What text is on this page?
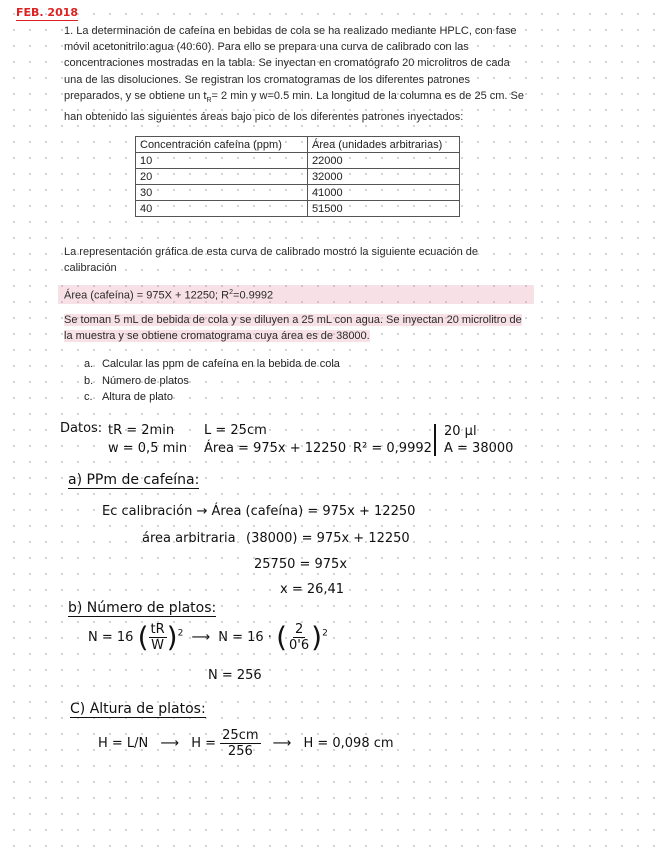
FEB. 2018
1. La determinación de cafeína en bebidas de cola se ha realizado mediante HPLC, con fase móvil acetonitrilo:agua (40:60). Para ello se prepara una curva de calibrado con las concentraciones mostradas en la tabla. Se inyectan en cromatógrafo 20 microlitros de cada una de las disoluciones. Se registran los cromatogramas de los diferentes patrones preparados, y se obtiene un $t_R= 2$ min y w=0.5 min. La longitud de la columna es de 25 cm. Se han obtenido las siguientes áreas bajo pico de los diferentes patrones inyectados:
Concentración cafeína (ppm)	Área (unidades arbitrarias)
10	22000
20	32000
30	41000
40	51500
La representación gráfica de esta curva de calibrado mostró la siguiente ecuación de calibración
Área (cafeína) = 975X + 12250; $R^2=0.9992$
Se toman 5 mL de bebida de cola y se diluyen a 25 mL con agua. Se inyectan 20 microlitro de la muestra y se obtiene cromatograma cuya área es de 38000.
a. Calcular las ppm de cafeína en la bebida de cola
b. Número de platos
c. Altura de plato
Datos: tR = 2min
w = 0,5 min
L = 25cm
Área = 975x + 12250 R² = 0,9992
20 µl
A = 38000
a) PPm de cafeína:
Ec calibración → Área (cafeína) = 975x + 12250
área arbitraria (38000) = 975x + 12250
25750 = 975x
x = 26,41
b) Número de platos:
N = 16 ( $\frac{tR}{W} )^2$ ⟶ N = 16 · ( $\frac{2}{0'6} )^2$
N = 256
C) Altura de platos:
H = L/N ⟶ $H = \frac{25cm}{256}$ ⟶ H = 0,098 cm
